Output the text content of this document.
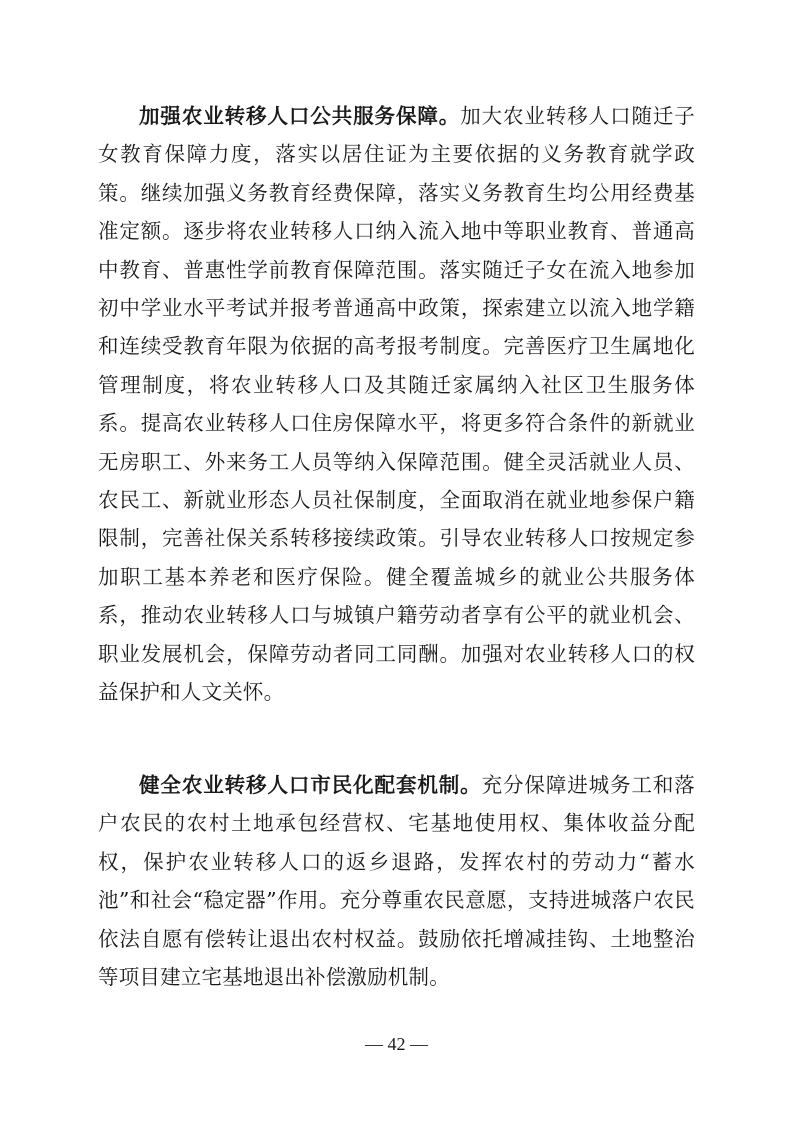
加强农业转移人口公共服务保障。加大农业转移人口随迁子女教育保障力度，落实以居住证为主要依据的义务教育就学政策。继续加强义务教育经费保障，落实义务教育生均公用经费基准定额。逐步将农业转移人口纳入流入地中等职业教育、普通高中教育、普惠性学前教育保障范围。落实随迁子女在流入地参加初中学业水平考试并报考普通高中政策，探索建立以流入地学籍和连续受教育年限为依据的高考报考制度。完善医疗卫生属地化管理制度，将农业转移人口及其随迁家属纳入社区卫生服务体系。提高农业转移人口住房保障水平，将更多符合条件的新就业无房职工、外来务工人员等纳入保障范围。健全灵活就业人员、农民工、新就业形态人员社保制度，全面取消在就业地参保户籍限制，完善社保关系转移接续政策。引导农业转移人口按规定参加职工基本养老和医疗保险。健全覆盖城乡的就业公共服务体系，推动农业转移人口与城镇户籍劳动者享有公平的就业机会、职业发展机会，保障劳动者同工同酬。加强对农业转移人口的权益保护和人文关怀。

健全农业转移人口市民化配套机制。充分保障进城务工和落户农民的农村土地承包经营权、宅基地使用权、集体收益分配权，保护农业转移人口的返乡退路，发挥农村的劳动力“蓄水池”和社会“稳定器”作用。充分尊重农民意愿，支持进城落户农民依法自愿有偿转让退出农村权益。鼓励依托增减挂钩、土地整治等项目建立宅基地退出补偿激励机制。

— 42 —
